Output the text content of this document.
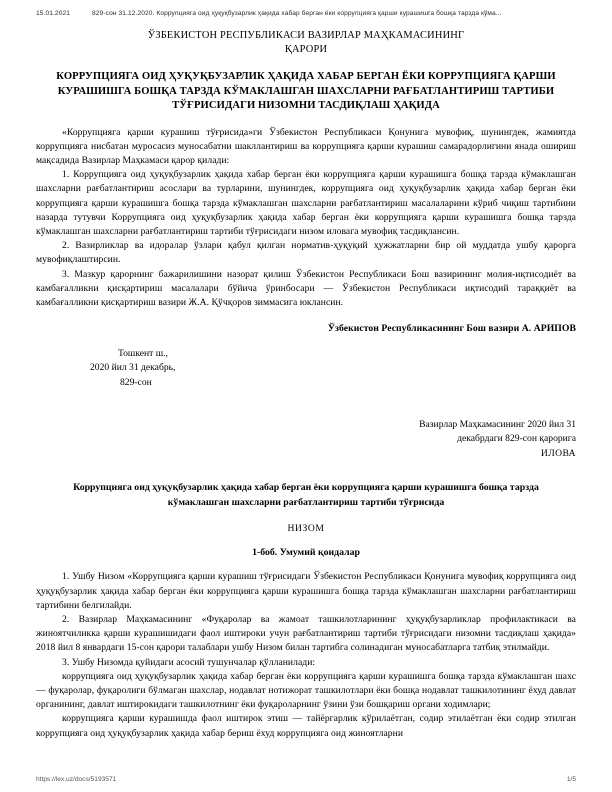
15.01.2021	829-сон 31.12.2020. Коррупцияга оид ҳуқуқбузарлик ҳақида хабар берган ёки коррупцияга қарши курашишга бошқа тарзда кўма...
ЎЗБЕКИСТОН РЕСПУБЛИКАСИ ВАЗИРЛАР МАҲКАМАСИНИНГ
ҚАРОРИ
КОРРУПЦИЯГА ОИД ҲУҚУҚБУЗАРЛИК ҲАҚИДА ХАБАР БЕРГАН ЁКИ КОРРУПЦИЯГА ҚАРШИ КУРАШИШГА БОШҚА ТАРЗДА КЎМАКЛАШГАН ШАХСЛАРНИ РАҒБАТЛАНТИРИШ ТАРТИБИ ТЎҒРИСИДАГИ НИЗОМНИ ТАСДИҚЛАШ ҲАҚИДА

«Коррупцияга қарши курашиш тўғрисида»ги Ўзбекистон Республикаси Қонунига мувофиқ, шунингдек, жамиятда коррупцияга нисбатан муросасиз муносабатни шакллантириш ва коррупцияга қарши курашиш самарадорлигини янада ошириш мақсадида Вазирлар Маҳкамаси қарор қилади:

1. Коррупцияга оид ҳуқуқбузарлик ҳақида хабар берган ёки коррупцияга қарши курашишга бошқа тарзда кўмаклашган шахсларни рағбатлантириш асослари ва турларини, шунингдек, коррупцияга оид ҳуқуқбузарлик ҳақида хабар берган ёки коррупцияга қарши курашишга бошқа тарзда кўмаклашган шахсларни рағбатлантириш масалаларини кўриб чиқиш тартибини назарда тутувчи Коррупцияга оид ҳуқуқбузарлик ҳақида хабар берган ёки коррупцияга қарши курашишга бошқа тарзда кўмаклашган шахсларни рағбатлантириш тартиби тўғрисидаги низом иловага мувофиқ тасдиқлансин.

2. Вазирликлар ва идоралар ўзлари қабул қилган норматив-ҳуқуқий ҳужжатларни бир ой муддатда ушбу қарорга мувофиқлаштирсин.

3. Мазкур қарорнинг бажарилишини назорат қилиш Ўзбекистон Республикаси Бош вазирининг молия-иқтисодиёт ва камбағалликни қисқартириш масалалари бўйича ўринбосари — Ўзбекистон Республикаси иқтисодий тараққиёт ва камбағалликни қисқартириш вазири Ж.А. Қўчқоров зиммасига юклансин.

Ўзбекистон Республикасининг Бош вазири А. АРИПОВ
Тошкент ш.,
2020 йил 31 декабрь,
829-сон
Вазирлар Маҳкамасининг 2020 йил 31
декабрдаги 829-сон қарорига
ИЛОВА
Коррупцияга оид ҳуқуқбузарлик ҳақида хабар берган ёки коррупцияга қарши курашишга бошқа тарзда кўмаклашган шахсларни рағбатлантириш тартиби тўғрисида
НИЗОМ
1-боб. Умумий қоидалар

1. Ушбу Низом «Коррупцияга қарши курашиш тўғрисидаги Ўзбекистон Республикаси Қонунига мувофиқ коррупцияга оид ҳуқуқбузарлик ҳақида хабар берган ёки коррупцияга қарши курашишга бошқа тарзда кўмаклашган шахсларни рағбатлантириш тартибини белгилайди.

2. Вазирлар Маҳкамасининг «Фуқаролар ва жамоат ташкилотларининг ҳуқуқбузарликлар профилактикаси ва жиноятчиликка қарши курашишидаги фаол иштироки учун рағбатлантириш тартиби тўғрисидаги низомни тасдиқлаш ҳақида» 2018 йил 8 январдаги 15-сон қарори талаблари ушбу Низом билан тартибга солинадиган муносабатларга татбиқ этилмайди.

3. Ушбу Низомда қуйидаги асосий тушунчалар қўлланилади:

коррупцияга оид ҳуқуқбузарлик ҳақида хабар берган ёки коррупцияга қарши курашишга бошқа тарзда кўмаклашган шахс — фуқаролар, фуқаролиги бўлмаган шахслар, нодавлат нотижорат ташкилотлари ёки бошқа нодавлат ташкилотининг ёхуд давлат органининг, давлат иштирокидаги ташкилотнинг ёки фуқароларнинг ўзини ўзи бошқариш органи ходимлари;

коррупцияга қарши курашишда фаол иштирок этиш — тайёргарлик кўрилаётган, содир этилаётган ёки содир этилган коррупцияга оид ҳуқуқбузарлик ҳақида хабар бериш ёхуд коррупцияга оид жиноятларни

https://lex.uz/docs/5193571	1/5
